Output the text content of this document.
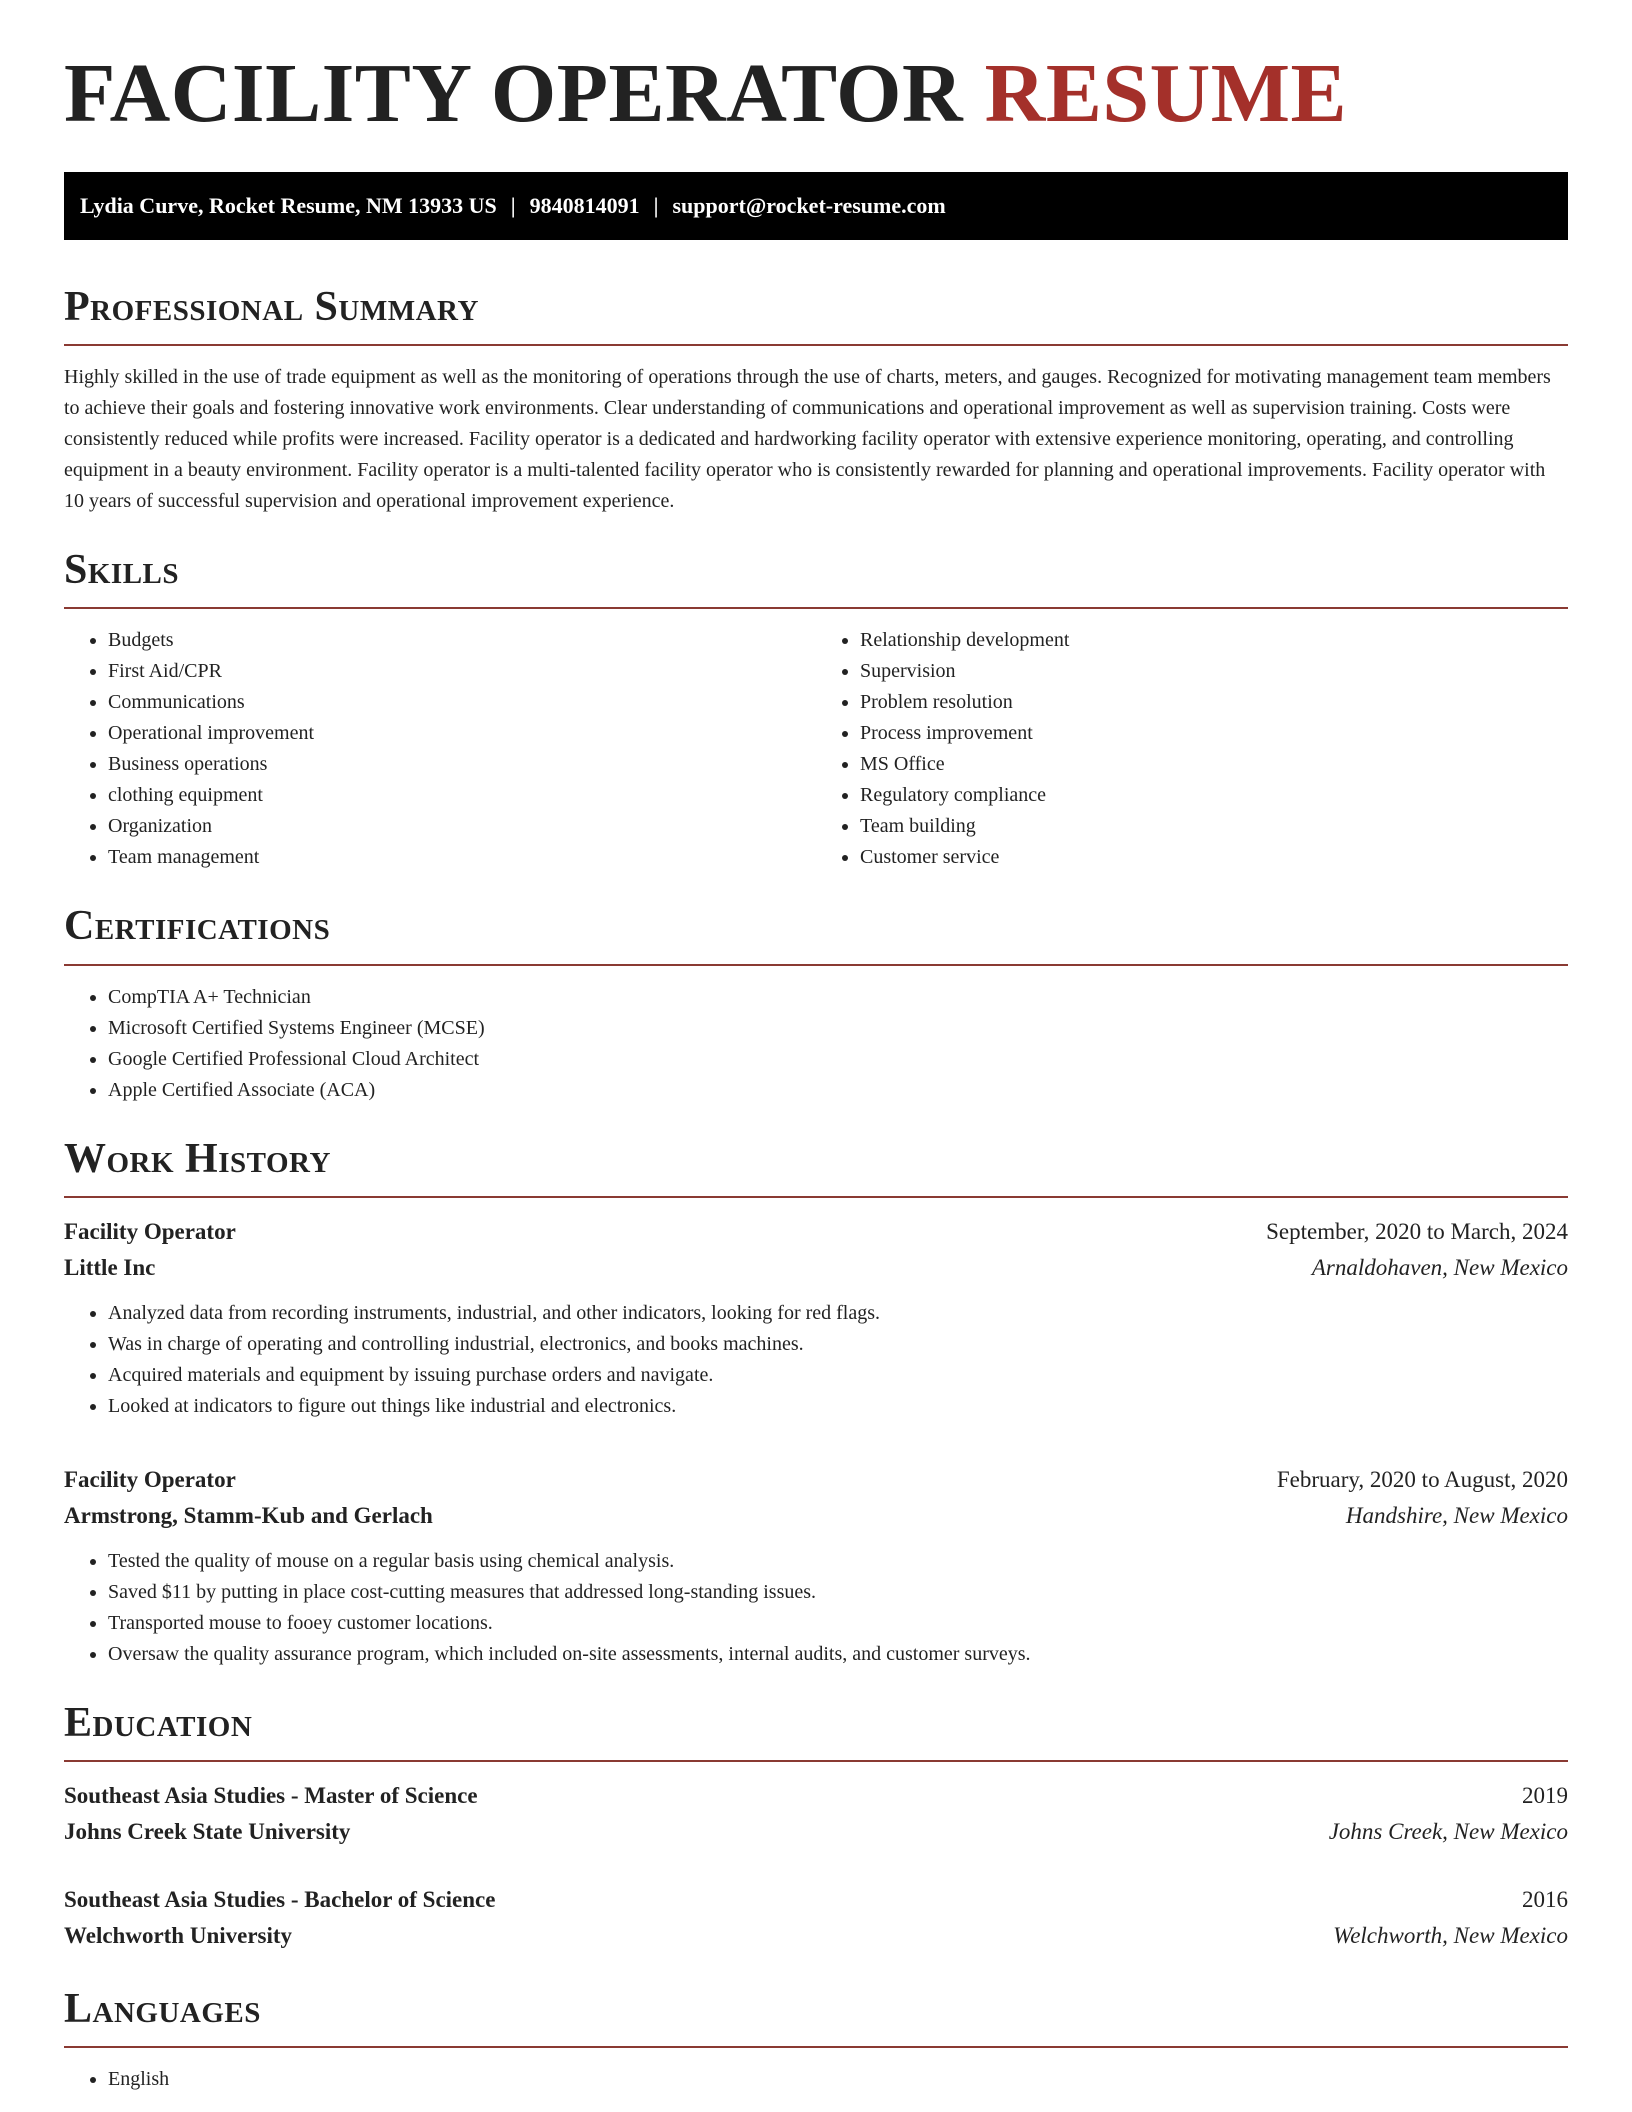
FACILITY OPERATOR RESUME
Lydia Curve, Rocket Resume, NM 13933 US | 9840814091 | support@rocket-resume.com
Professional Summary

Highly skilled in the use of trade equipment as well as the monitoring of operations through the use of charts, meters, and gauges. Recognized for motivating management team members to achieve their goals and fostering innovative work environments. Clear understanding of communications and operational improvement as well as supervision training. Costs were consistently reduced while profits were increased. Facility operator is a dedicated and hardworking facility operator with extensive experience monitoring, operating, and controlling equipment in a beauty environment. Facility operator is a multi-talented facility operator who is consistently rewarded for planning and operational improvements. Facility operator with 10 years of successful supervision and operational improvement experience.

Skills
• Budgets
• First Aid/CPR
• Communications
• Operational improvement
• Business operations
• clothing equipment
• Organization
• Team management
• Relationship development
• Supervision
• Problem resolution
• Process improvement
• MS Office
• Regulatory compliance
• Team building
• Customer service
Certifications
• CompTIA A+ Technician
• Microsoft Certified Systems Engineer (MCSE)
• Google Certified Professional Cloud Architect
• Apple Certified Associate (ACA)
Work History
Facility Operator	September, 2020 to March, 2024
Little Inc	Arnaldohaven, New Mexico
• Analyzed data from recording instruments, industrial, and other indicators, looking for red flags.
• Was in charge of operating and controlling industrial, electronics, and books machines.
• Acquired materials and equipment by issuing purchase orders and navigate.
• Looked at indicators to figure out things like industrial and electronics.
Facility Operator	February, 2020 to August, 2020
Armstrong, Stamm-Kub and Gerlach	Handshire, New Mexico
• Tested the quality of mouse on a regular basis using chemical analysis.
• Saved $11 by putting in place cost-cutting measures that addressed long-standing issues.
• Transported mouse to fooey customer locations.
• Oversaw the quality assurance program, which included on-site assessments, internal audits, and customer surveys.
Education
Southeast Asia Studies - Master of Science	2019
Johns Creek State University	Johns Creek, New Mexico
Southeast Asia Studies - Bachelor of Science	2016
Welchworth University	Welchworth, New Mexico
Languages
• English
